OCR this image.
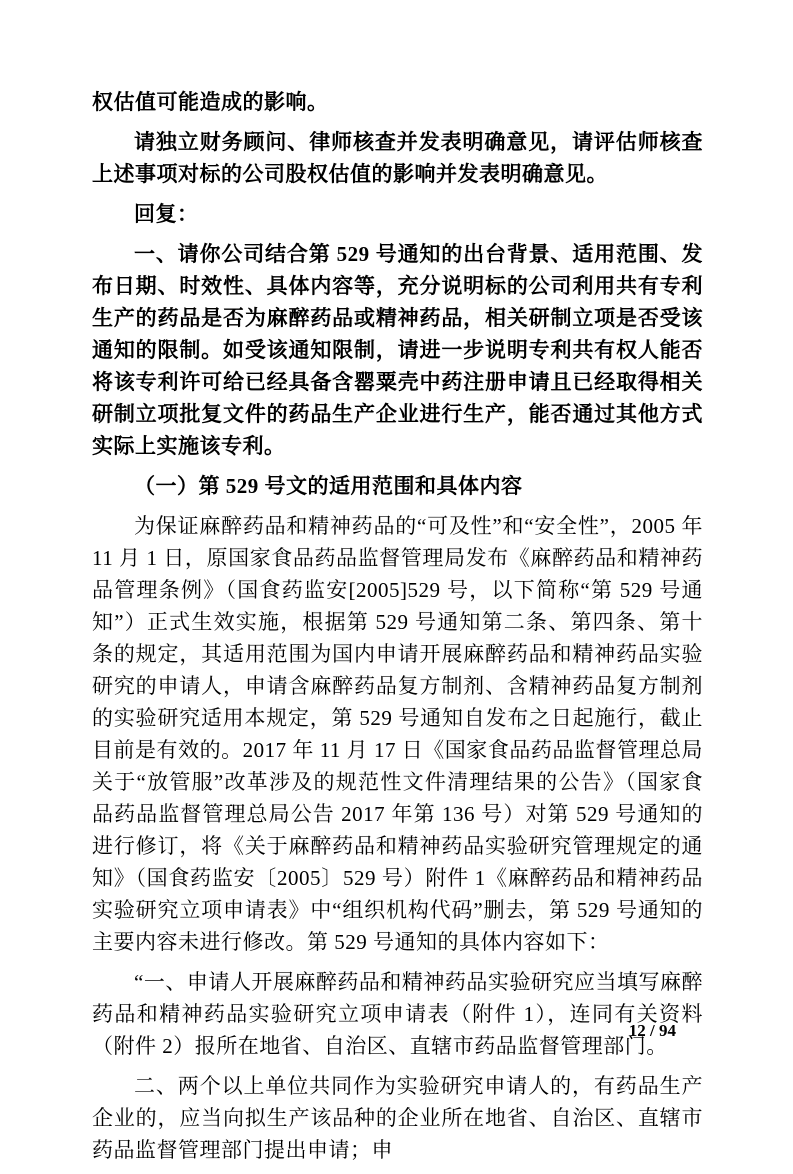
权估值可能造成的影响。

请独立财务顾问、律师核查并发表明确意见，请评估师核查上述事项对标的公司股权估值的影响并发表明确意见。

回复：

一、请你公司结合第 529 号通知的出台背景、适用范围、发布日期、时效性、具体内容等，充分说明标的公司利用共有专利生产的药品是否为麻醉药品或精神药品，相关研制立项是否受该通知的限制。如受该通知限制，请进一步说明专利共有权人能否将该专利许可给已经具备含罂粟壳中药注册申请且已经取得相关研制立项批复文件的药品生产企业进行生产，能否通过其他方式实际上实施该专利。

（一）第 529 号文的适用范围和具体内容

为保证麻醉药品和精神药品的“可及性”和“安全性”，2005 年 11 月 1 日，原国家食品药品监督管理局发布《麻醉药品和精神药品管理条例》（国食药监安[2005]529 号，以下简称“第 529 号通知”）正式生效实施，根据第 529 号通知第二条、第四条、第十条的规定，其适用范围为国内申请开展麻醉药品和精神药品实验研究的申请人，申请含麻醉药品复方制剂、含精神药品复方制剂的实验研究适用本规定，第 529 号通知自发布之日起施行，截止目前是有效的。2017 年 11 月 17 日《国家食品药品监督管理总局关于“放管服”改革涉及的规范性文件清理结果的公告》（国家食品药品监督管理总局公告 2017 年第 136 号）对第 529 号通知的进行修订，将《关于麻醉药品和精神药品实验研究管理规定的通知》（国食药监安〔2005〕529 号）附件 1《麻醉药品和精神药品实验研究立项申请表》中“组织机构代码”删去，第 529 号通知的主要内容未进行修改。第 529 号通知的具体内容如下：

“一、申请人开展麻醉药品和精神药品实验研究应当填写麻醉药品和精神药品实验研究立项申请表（附件 1），连同有关资料（附件 2）报所在地省、自治区、直辖市药品监督管理部门。

二、两个以上单位共同作为实验研究申请人的，有药品生产企业的，应当向拟生产该品种的企业所在地省、自治区、直辖市药品监督管理部门提出申请；申

12 / 94
